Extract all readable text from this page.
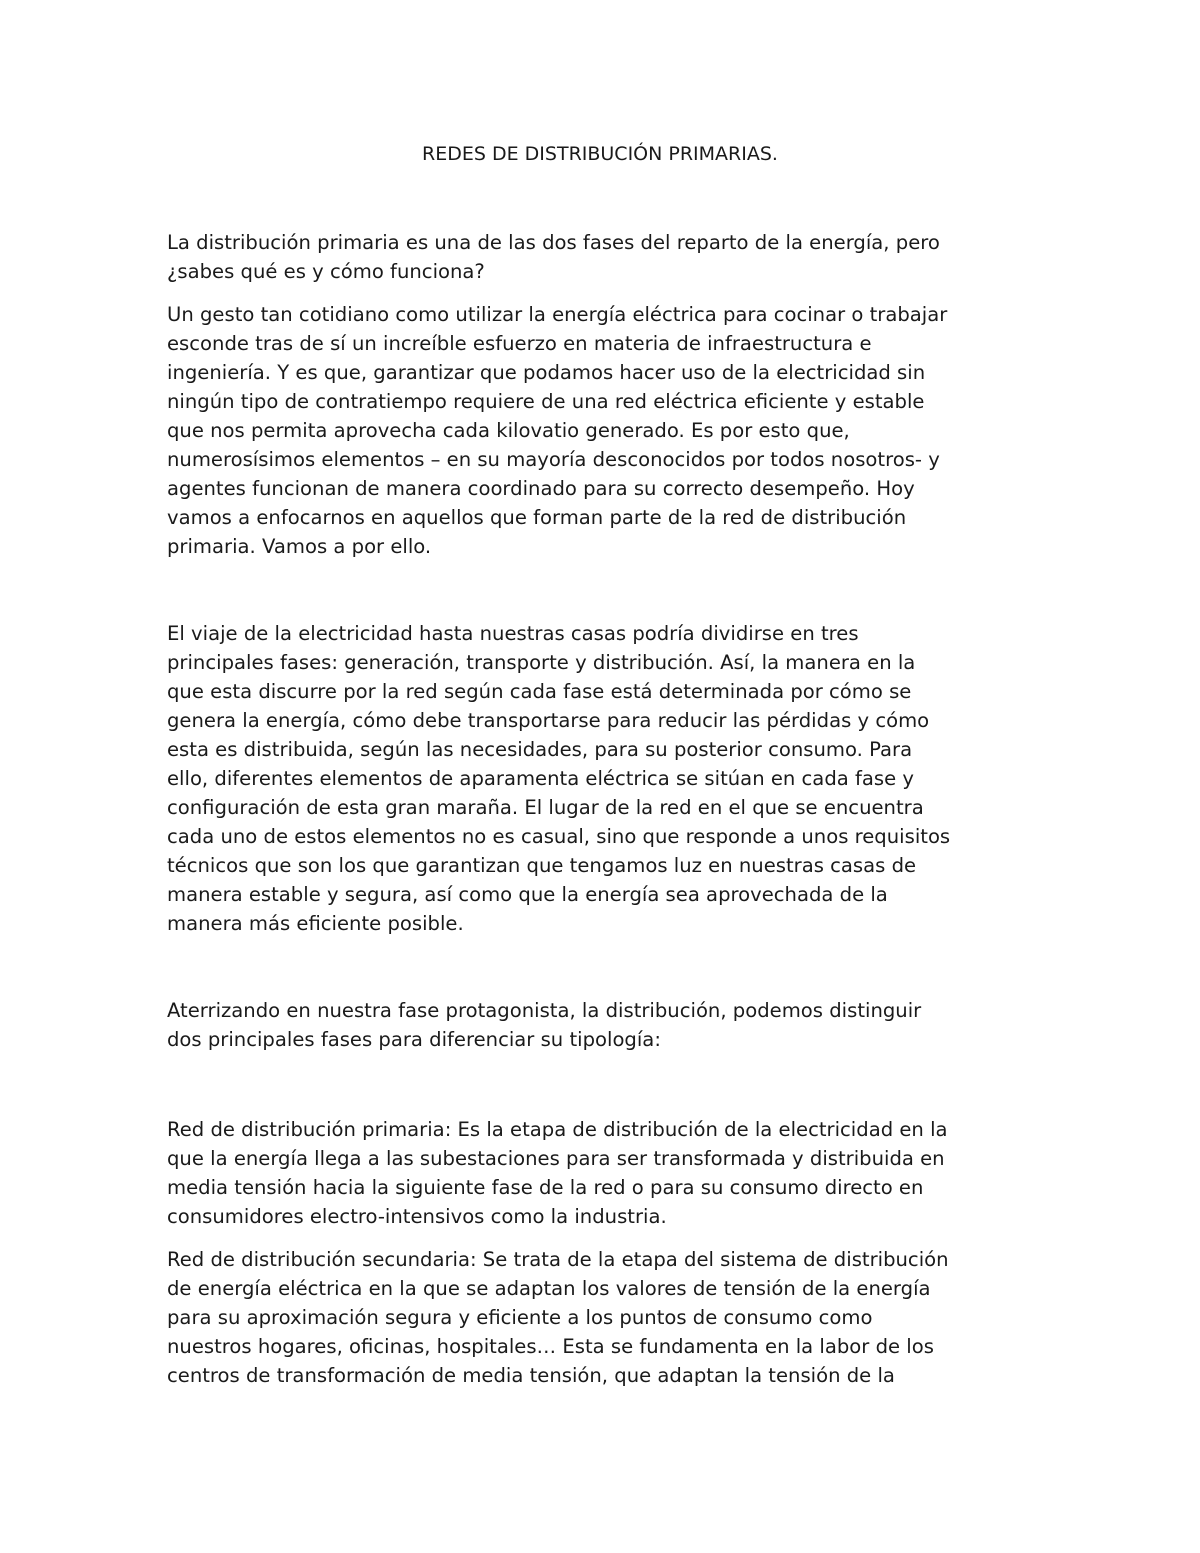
REDES DE DISTRIBUCIÓN PRIMARIAS.

La distribución primaria es una de las dos fases del reparto de la energía, pero
¿sabes qué es y cómo funciona?

Un gesto tan cotidiano como utilizar la energía eléctrica para cocinar o trabajar
esconde tras de sí un increíble esfuerzo en materia de infraestructura e
ingeniería. Y es que, garantizar que podamos hacer uso de la electricidad sin
ningún tipo de contratiempo requiere de una red eléctrica eficiente y estable
que nos permita aprovecha cada kilovatio generado. Es por esto que,
numerosísimos elementos – en su mayoría desconocidos por todos nosotros- y
agentes funcionan de manera coordinado para su correcto desempeño. Hoy
vamos a enfocarnos en aquellos que forman parte de la red de distribución
primaria. Vamos a por ello.

El viaje de la electricidad hasta nuestras casas podría dividirse en tres
principales fases: generación, transporte y distribución. Así, la manera en la
que esta discurre por la red según cada fase está determinada por cómo se
genera la energía, cómo debe transportarse para reducir las pérdidas y cómo
esta es distribuida, según las necesidades, para su posterior consumo. Para
ello, diferentes elementos de aparamenta eléctrica se sitúan en cada fase y
configuración de esta gran maraña. El lugar de la red en el que se encuentra
cada uno de estos elementos no es casual, sino que responde a unos requisitos
técnicos que son los que garantizan que tengamos luz en nuestras casas de
manera estable y segura, así como que la energía sea aprovechada de la
manera más eficiente posible.

Aterrizando en nuestra fase protagonista, la distribución, podemos distinguir
dos principales fases para diferenciar su tipología:

Red de distribución primaria: Es la etapa de distribución de la electricidad en la
que la energía llega a las subestaciones para ser transformada y distribuida en
media tensión hacia la siguiente fase de la red o para su consumo directo en
consumidores electro-intensivos como la industria.

Red de distribución secundaria: Se trata de la etapa del sistema de distribución
de energía eléctrica en la que se adaptan los valores de tensión de la energía
para su aproximación segura y eficiente a los puntos de consumo como
nuestros hogares, oficinas, hospitales… Esta se fundamenta en la labor de los
centros de transformación de media tensión, que adaptan la tensión de la
